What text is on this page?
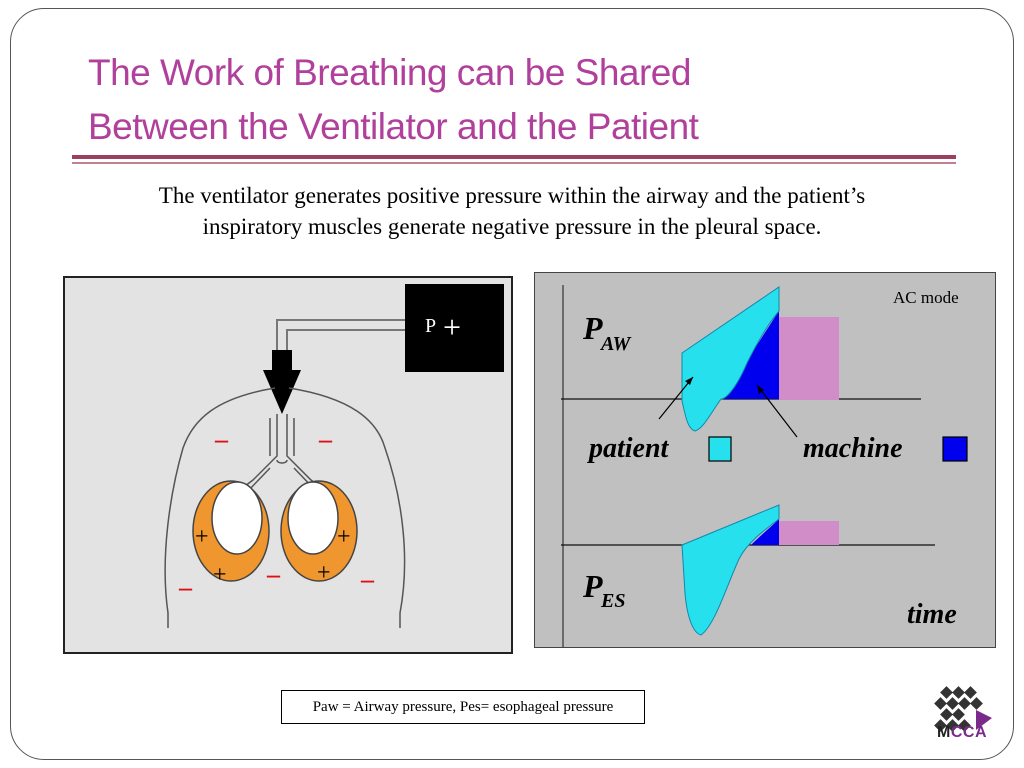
The Work of Breathing can be Shared
Between the Ventilator and the Patient

The ventilator generates positive pressure within the airway and the patient’s
inspiratory muscles generate negative pressure in the pleural space.

P +
+
+
+
+
–	–
–
–	–
AC mode
P
AW
P
ES
patient	machine
time
Paw = Airway pressure, Pes= esophageal pressure
MCCA
